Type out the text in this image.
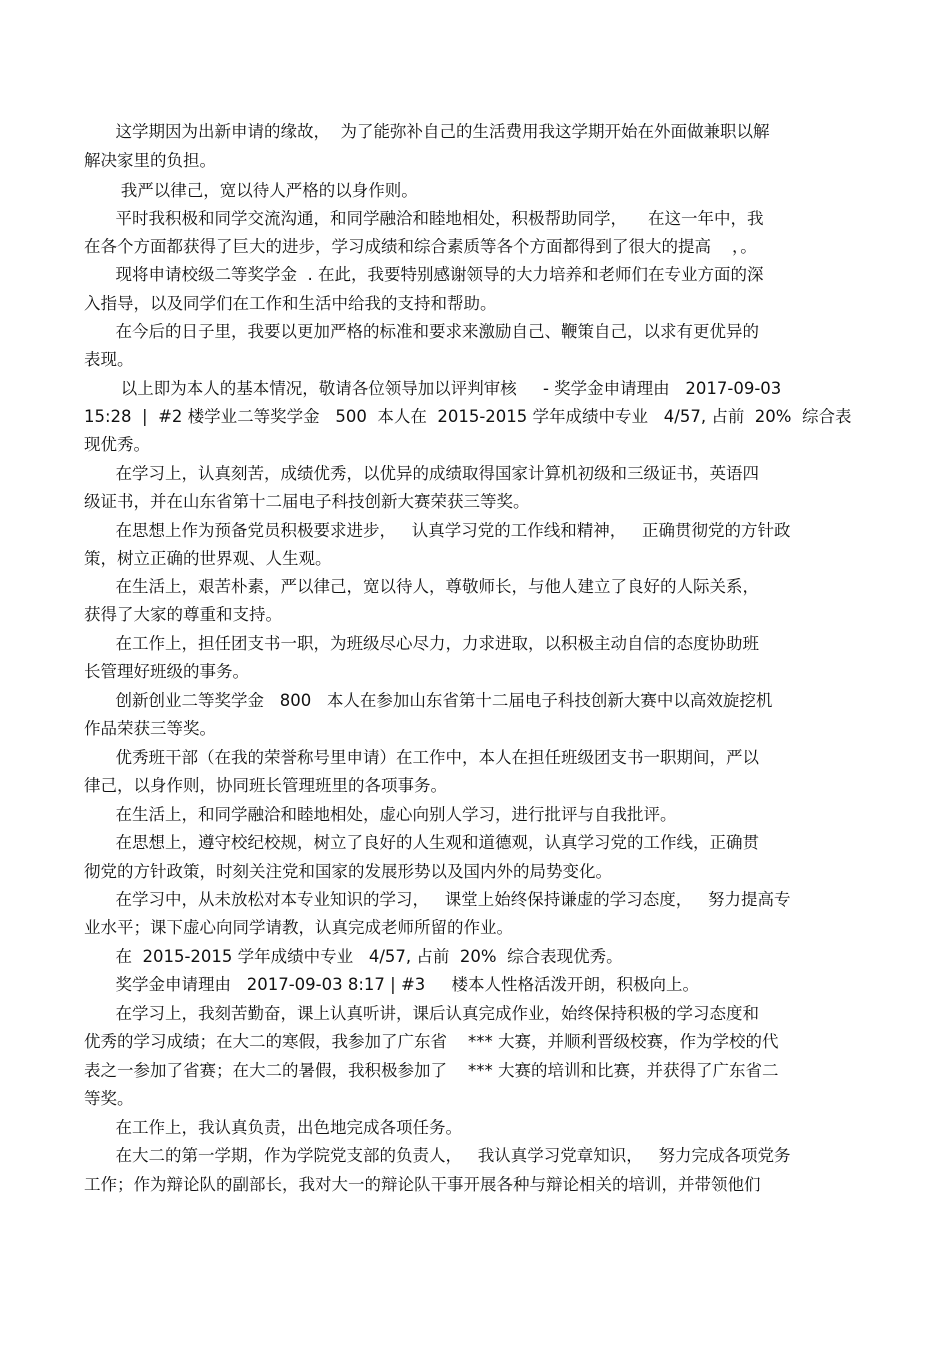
这学期因为出新申请的缘故，  为了能弥补自己的生活费用我这学期开始在外面做兼职以解
解决家里的负担。
我严以律己，宽以待人严格的以身作则。
平时我积极和同学交流沟通，和同学融洽和睦地相处，积极帮助同学，    在这一年中，我
在各个方面都获得了巨大的进步，学习成绩和综合素质等各个方面都得到了很大的提高    ，。
现将申请校级二等奖学金  . 在此，我要特别感谢领导的大力培养和老师们在专业方面的深
入指导，以及同学们在工作和生活中给我的支持和帮助。
在今后的日子里，我要以更加严格的标准和要求来激励自己、鞭策自己，以求有更优异的
表现。
以上即为本人的基本情况，敬请各位领导加以评判审核     - 奖学金申请理由   2017-09-03
15:28  |  #2 楼学业二等奖学金   500  本人在  2015-2015 学年成绩中专业   4/57, 占前  20%  综合表
现优秀。
在学习上，认真刻苦，成绩优秀，以优异的成绩取得国家计算机初级和三级证书，英语四
级证书，并在山东省第十二届电子科技创新大赛荣获三等奖。
在思想上作为预备党员积极要求进步，   认真学习党的工作线和精神，   正确贯彻党的方针政
策，树立正确的世界观、人生观。
在生活上，艰苦朴素，严以律己，宽以待人，尊敬师长，与他人建立了良好的人际关系，
获得了大家的尊重和支持。
在工作上，担任团支书一职，为班级尽心尽力，力求进取，以积极主动自信的态度协助班
长管理好班级的事务。
创新创业二等奖学金   800   本人在参加山东省第十二届电子科技创新大赛中以高效旋挖机
作品荣获三等奖。
优秀班干部（在我的荣誉称号里申请）在工作中，本人在担任班级团支书一职期间，严以
律己，以身作则，协同班长管理班里的各项事务。
在生活上，和同学融洽和睦地相处，虚心向别人学习，进行批评与自我批评。
在思想上，遵守校纪校规，树立了良好的人生观和道德观，认真学习党的工作线，正确贯
彻党的方针政策，时刻关注党和国家的发展形势以及国内外的局势变化。
在学习中，从未放松对本专业知识的学习，   课堂上始终保持谦虚的学习态度，   努力提高专
业水平；课下虚心向同学请教，认真完成老师所留的作业。
在  2015-2015 学年成绩中专业   4/57, 占前  20%  综合表现优秀。
奖学金申请理由   2017-09-03 8:17 | #3     楼本人性格活泼开朗，积极向上。
在学习上，我刻苦勤奋，课上认真听讲，课后认真完成作业，始终保持积极的学习态度和
优秀的学习成绩；在大二的寒假，我参加了广东省    *** 大赛，并顺利晋级校赛，作为学校的代
表之一参加了省赛；在大二的暑假，我积极参加了    *** 大赛的培训和比赛，并获得了广东省二
等奖。
在工作上，我认真负责，出色地完成各项任务。
在大二的第一学期，作为学院党支部的负责人，   我认真学习党章知识，   努力完成各项党务
工作；作为辩论队的副部长，我对大一的辩论队干事开展各种与辩论相关的培训，并带领他们
